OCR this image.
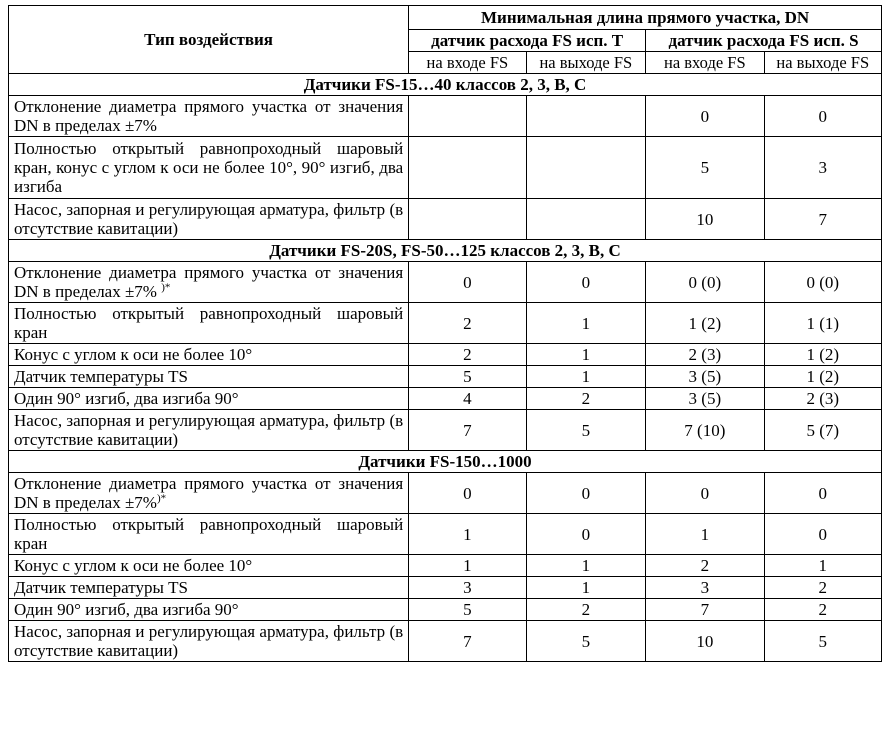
Тип воздействия	Минимальная длина прямого участка, DN			
	датчик расхода FS исп. T		датчик расхода FS исп. S	
	на входе FS	на выходе FS	на входе FS	на выходе FS
Датчики FS-15…40 классов 2, 3, B, C				
Отклонение диаметра прямого участка от значения DN в пределах ±7%			0	0
Полностью открытый равнопроходный шаровый кран, конус с углом к оси не более 10°, 90° изгиб, два изгиба			5	3
Насос, запорная и регулирующая арматура, фильтр (в отсутствие кавитации)			10	7
Датчики FS-20S, FS-50…125 классов 2, 3, B, C				
Отклонение диаметра прямого участка от значения DN в пределах ±7% )*	0	0	0 (0)	0 (0)
Полностью открытый равнопроходный шаровый кран	2	1	1 (2)	1 (1)
Конус с углом к оси не более 10°	2	1	2 (3)	1 (2)
Датчик температуры TS	5	1	3 (5)	1 (2)
Один 90° изгиб, два изгиба 90°	4	2	3 (5)	2 (3)
Насос, запорная и регулирующая арматура, фильтр (в отсутствие кавитации)	7	5	7 (10)	5 (7)
Датчики FS-150…1000				
Отклонение диаметра прямого участка от значения DN в пределах ±7%)*	0	0	0	0
Полностью открытый равнопроходный шаровый кран	1	0	1	0
Конус с углом к оси не более 10°	1	1	2	1
Датчик температуры TS	3	1	3	2
Один 90° изгиб, два изгиба 90°	5	2	7	2
Насос, запорная и регулирующая арматура, фильтр (в отсутствие кавитации)	7	5	10	5
